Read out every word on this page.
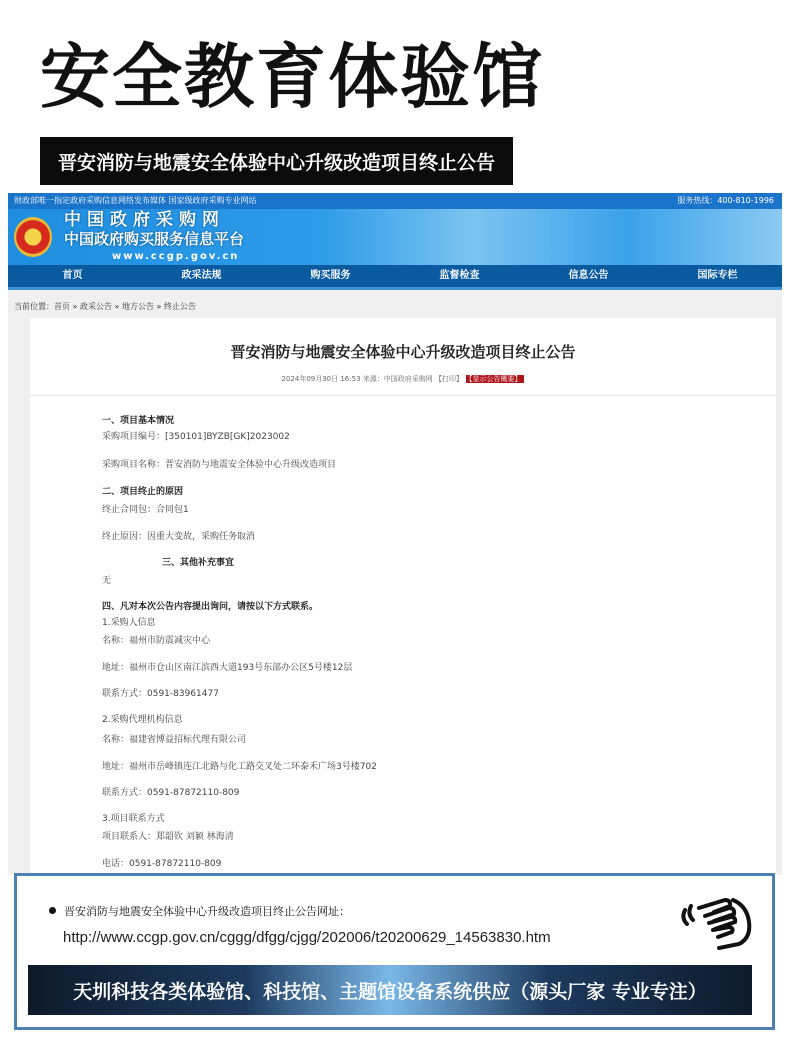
安全教育体验馆
晋安消防与地震安全体验中心升级改造项目终止公告
财政部唯一指定政府采购信息网络发布媒体 国家级政府采购专业网站	服务热线：400-810-1996
中国政府采购网
中国政府购买服务信息平台
www.ccgp.gov.cn
首页	政采法规	购买服务	监督检查	信息公告	国际专栏
当前位置：首页 » 政采公告 » 地方公告 » 终止公告
晋安消防与地震安全体验中心升级改造项目终止公告
2024年09月30日 16:53 来源：中国政府采购网 【打印】 【显示公告概要】
一、项目基本情况
采购项目编号：[350101]BYZB[GK]2023002
采购项目名称：晋安消防与地震安全体验中心升级改造项目
二、项目终止的原因
终止合同包：合同包1
终止原因：因重大变故，采购任务取消
三、其他补充事宜
无
四、凡对本次公告内容提出询问，请按以下方式联系。
1.采购人信息
名称：福州市防震减灾中心
地址：福州市仓山区南江滨西大道193号东部办公区5号楼12层
联系方式：0591-83961477
2.采购代理机构信息
名称：福建省博益招标代理有限公司
地址：福州市岳峰镇连江北路与化工路交叉处二环泰禾广场3号楼702
联系方式：0591-87872110-809
3.项目联系方式
项目联系人：郑韶钦 刘颖 林海清
电话：0591-87872110-809
晋安消防与地震安全体验中心升级改造项目终止公告网址：
http://www.ccgp.gov.cn/cggg/dfgg/cjgg/202006/t20200629_14563830.htm
天圳科技各类体验馆、科技馆、主题馆设备系统供应（源头厂家 专业专注）
